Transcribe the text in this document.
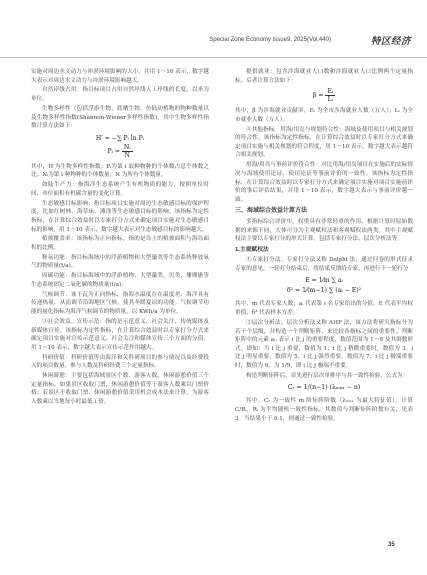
Special Zone Economy Issue9, 2025(Vol.440)	特区经济

实施对周边水文动力与冲淤环境影响的大小，并用 1～10 表示，数字越大表示对周边水文动力与冲淤环境影响越大。

自然岸线占用：指目标项目占用自然岸线人工岸线的长度，以米为单位。

生物多样性（包括浮游生物、底栖生物、鱼陆动植物的物种数量以及生物多样性指数(Shannon-Wiener多样性指数)，其中生物多样性指数计算方法如下：

H′ = −∑ Pᵢ ln Pᵢ
Pᵢ = $\frac{\text{Nᵢ}}{N}$

其中，H′为生物多样性指数；Pᵢ为第 i 取种物种的个体数占总个体数之比；Nᵢ为第 i 种物种的个体数量；N 为所有个体数量。

如陆生产力：指海洋生态系统产生有机物质的能力，按照单位时间、单位面积有机碳含量的变化计算。

生态敏感目标影响：指目标项目实施对周边生态敏感目标的保护程度，比如红树林、海草床、滩涂等生态敏感目标的影响。该指标为定性指标，在计算综合效益时以专家打分方式来确定项目实施对生态敏感目标的影响，用 1～10 表示，数字越大表示对生态敏感目标的影响越大。

植被覆盖率：该指标为正向指标，指的是岛上的植被面积与海岛面积的比例。

释氧功能：指目标海域中的浮游植物和大型藻类等生态系统释放氧气的物质量(t/a)。

固碳功能：指目标海域中的浮游植物、大型藻类、贝类、珊瑚礁等生态系统固定二氧化碳的物质量(t/a)。

气候调节：该千瓦为正向指标，指海水温度存在温度差、海洋具有传递热量、从而调节沿海地区气候，使其冬暖夏凉的功能。气候调节功能的量化指标为海洋气候调节的物质量，以 KWh/a 为单位。

③社会效益。宣传示范：指的是示范意义、社会关注、传统媒体及新媒体宣传。该指标为定性指标，在计算综合效益时以专家打分方式来确定项目实施对宣传示范意义、社会关注和媒体宣传三个方面的分值，用 1～10 表示，数字越大表示宣传示范作用越大。

科研价值：科研价值等由海洋和关科研项目的参与情况以及经费投入的项目数量、参与人数及科研经费三个定量指标。

休闲游憩：主要包括海域景区个数、游客人数、休闲游憩价值三个定量指标。如果景区收取门票，休闲游憩价值等于游客人数乘以门票价格；若景区不收取门票，休闲游憩价值采用机会成本法来计算。为游客人数乘以当地每小时最低工资。

提供就业：包含涉海就业人口数和涉海就业人口比例两个定量指标。后者计算方法如下：

$\beta = \frac{\text{Eᵢ}}{\text{Lᵢ}}$

其中，β 为涉海就业贡献率，Eᵢ 为全市涉海就业人数（万人）；Lᵢ 为全市就业人数（万人）。

④其他指标。用海/用岛与规划符合性：海域及使用项目与相关规划的符合性。该指标为定性指标，在计算综合效益时以专家打分方式来确定项目实施与相关规划的符合程度，用 1～10 表示，数字越大表示越符合相关规划。

用海/用岛与事前评价符合性：对比用海/用岛项目在实施后的实际情况与海域使用论证、使用论证等事前评价的一致性。该指标为定性指标，在计算综合效益时以专家打分方式来确定项目实施对项目实施前评价的事后评估结果，并用 1～10 表示，数字越大表示与事前评价越一致。

三、海域综合效益计算方法

多指标综合评价中，权重具有非常轻重的作用。根据计算时原始数据的来源不同，大体可分为主观赋权法和客观赋权法两类。其中主观赋权法主要以专家打分的形式计算，包括专家打分法、层次分析法等。

1.主观赋权法

①专家打分法。专家打分法又称 Delphi 法，通过问卷的形式征求专家的意见，一轮打分结束后，将结果反馈给专家，再进行下一轮打分

E = 1⁄m ∑ aᵢ
δ² = 1⁄(m−1) ∑ (aᵢ − E)²

其中，m 代表专家人数；aᵢ 代表第 i 名专家给出的分值，E 代表平均权重值，δ² 代表样本方差。

②层次分析法。层次分析法又称 AHP 法，该方法将研究指标分为若干个层级，并构造一个判断矩阵，来比较各指标之间的重要性。判断矩阵中的元素 aᵢⱼ 表示 i 比 j 的重要程度，数值范围为 1～9 及其倒数形式。即如：当 i 比 j 重要，数值为 1；i 比 j 稍微重要时，数值为 3；i 比 j 明显重要，数值为 5；i 比 j 强烈重要，数值为 7；i 比 j 极端重要时，数值为 9。为 1/9，即 i 比 j 极端不重要。

构造判断矩阵后，首先进行层次单排序与其一致性检验，公式为：

Cᵣ = 1/(n−1) (λₘₐₓ − n)

其中，Cᵣ 为一致性 m 阶矩阵阶数（λₘₐₓ 为最大特征值）。计算 C/Rᵢ，Rᵢ 为平均随机一致性指标，其数值与判断矩阵阶数有关，见表 3。当结果小于 0.1，则通过一致性检验。

35
